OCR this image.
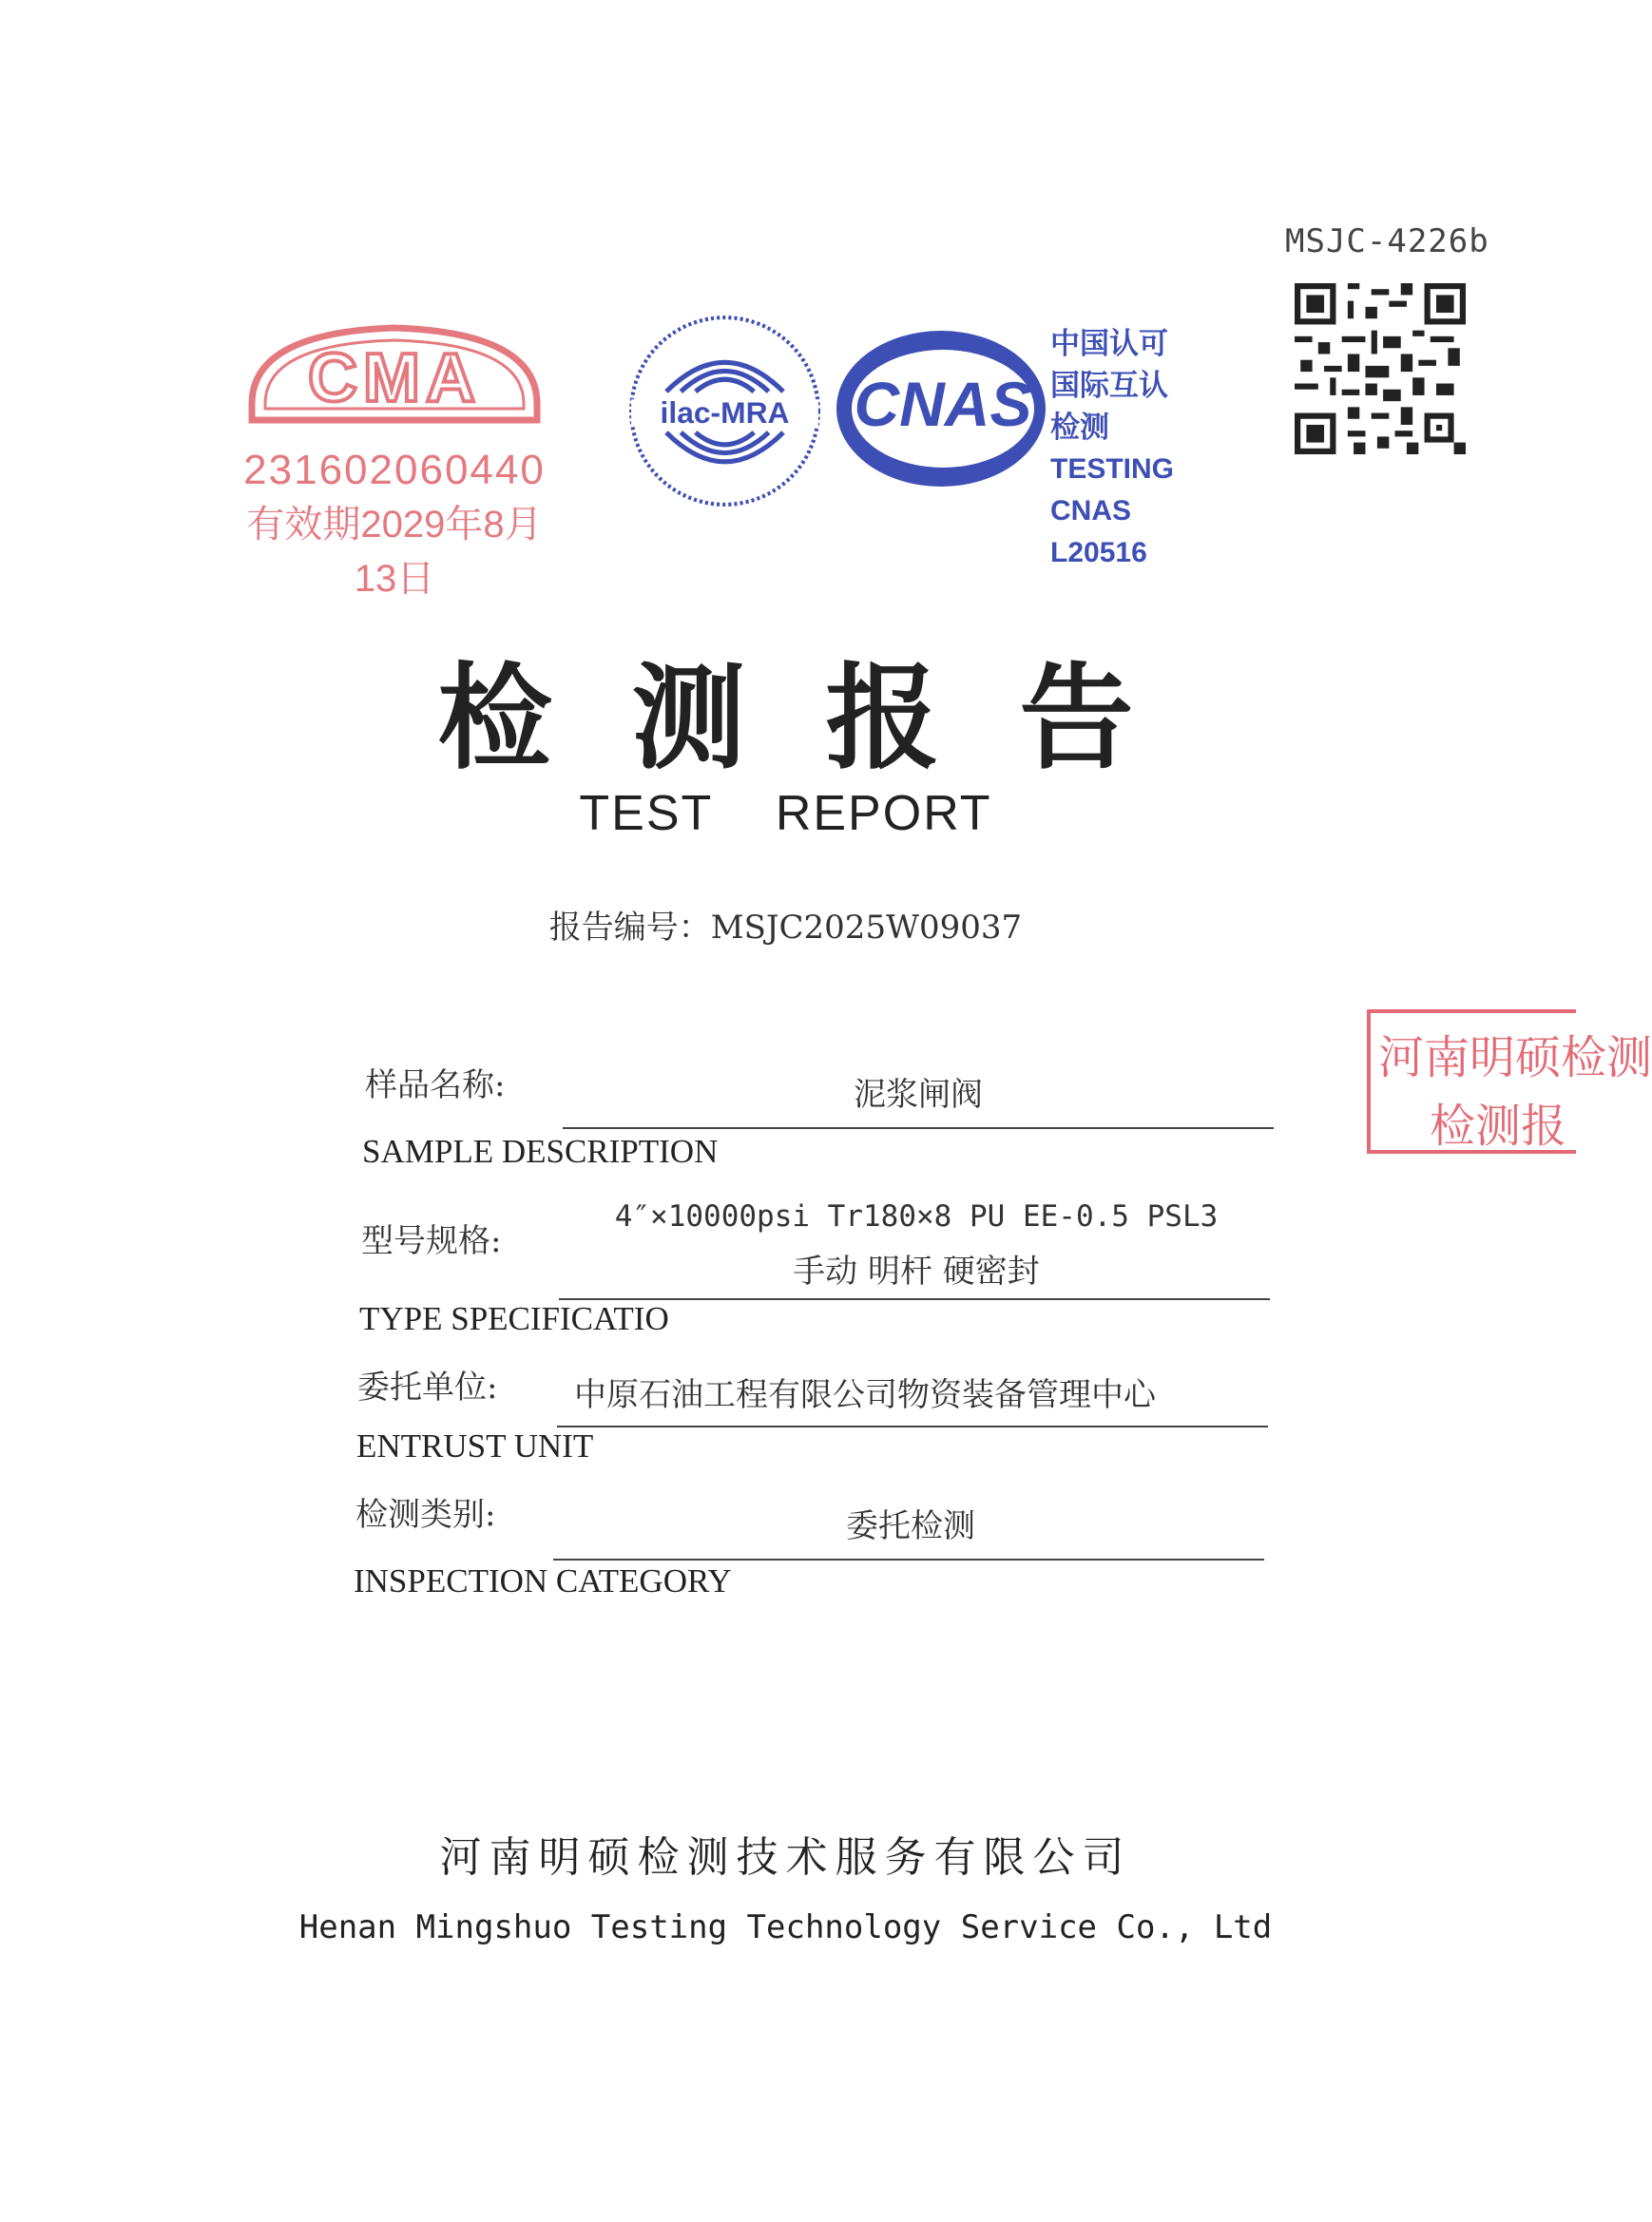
MSJC-4226b
CMA
231602060440
有效期2029年8月13日
ilac-MRA CNAS
中国认可
国际互认
检测
TESTING
CNAS L20516
检测报告
TEST REPORT
报告编号：MSJC2025W09037
样品名称:	泥浆闸阀
SAMPLE DESCRIPTION
型号规格:
4″×10000psi Tr180×8 PU EE-0.5 PSL3
手动 明杆 硬密封
TYPE SPECIFICATIO
委托单位:	中原石油工程有限公司物资装备管理中心
ENTRUST UNIT
检测类别:	委托检测
INSPECTION CATEGORY
河南明硕检测
检测报
河南明硕检测技术服务有限公司
Henan Mingshuo Testing Technology Service Co., Ltd
